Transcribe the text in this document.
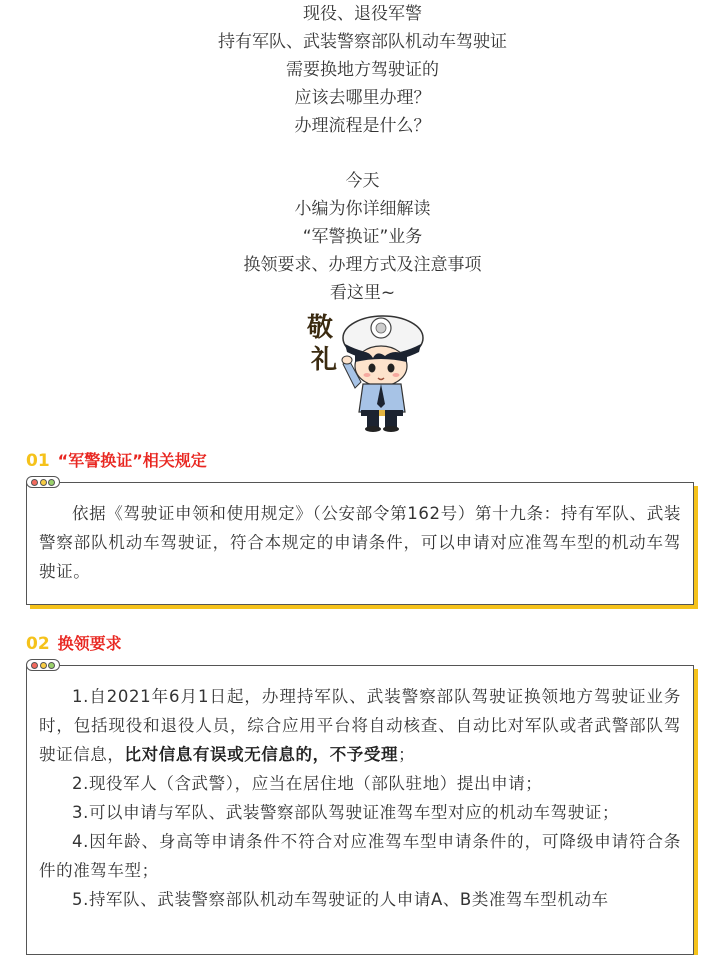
现役、退役军警
持有军队、武装警察部队机动车驾驶证
需要换地方驾驶证的
应该去哪里办理？
办理流程是什么？
今天
小编为你详细解读
“军警换证”业务
换领要求、办理方式及注意事项
看这里~
敬
礼
01 “军警换证”相关规定

依据《驾驶证申领和使用规定》（公安部令第162号）第十九条：持有军队、武装警察部队机动车驾驶证，符合本规定的申请条件，可以申请对应准驾车型的机动车驾驶证。

02 换领要求

1.自2021年6月1日起，办理持军队、武装警察部队驾驶证换领地方驾驶证业务时，包括现役和退役人员，综合应用平台将自动核查、自动比对军队或者武警部队驾驶证信息，比对信息有误或无信息的，不予受理；

2.现役军人（含武警），应当在居住地（部队驻地）提出申请；

3.可以申请与军队、武装警察部队驾驶证准驾车型对应的机动车驾驶证；

4.因年龄、身高等申请条件不符合对应准驾车型申请条件的，可降级申请符合条件的准驾车型；

5.持军队、武装警察部队机动车驾驶证的人申请A、B类准驾车型机动车
